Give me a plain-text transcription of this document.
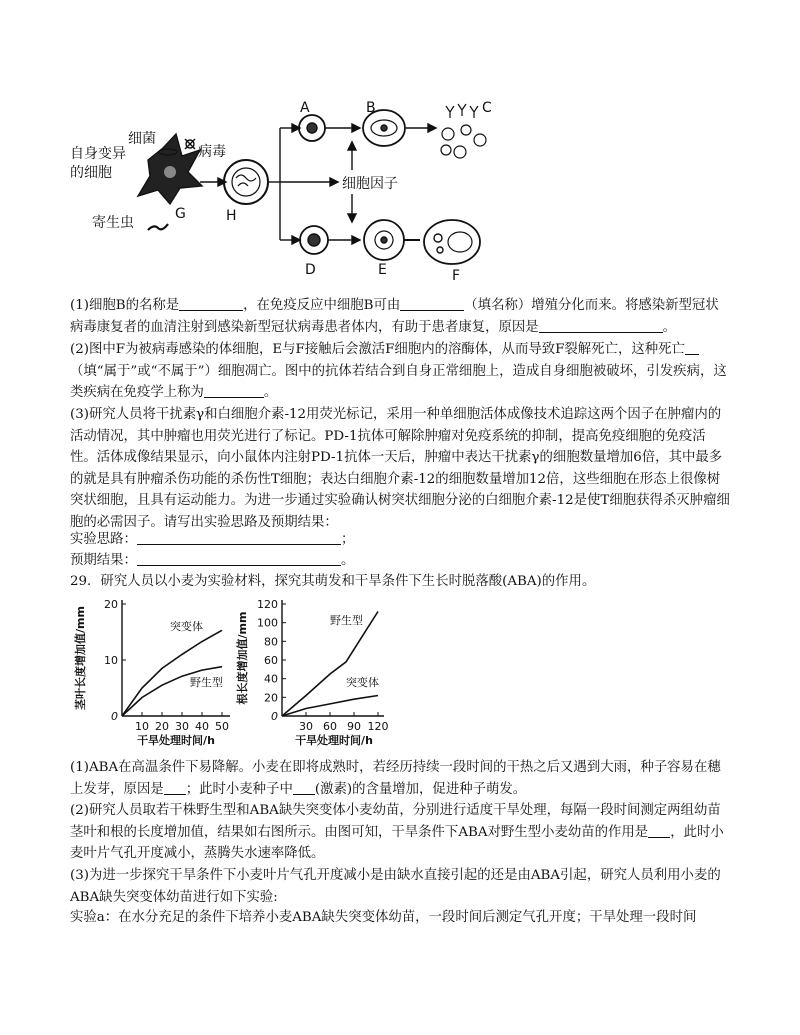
细菌
病毒
自身变异
的细胞
寄生虫
G	H
A	B	C
细胞因子
D	E	F

(1)细胞B的名称是	，在免疫反应中细胞B可由	（填名称）增殖分化而来。将感染新型冠状病毒康复者的血清注射到感染新型冠状病毒患者体内，有助于患者康复，原因是	。

(2)图中F为被病毒感染的体细胞，E与F接触后会激活F细胞内的溶酶体，从而导致F裂解死亡，这种死亡（填“属于”或“不属于”）细胞凋亡。图中的抗体若结合到自身正常细胞上，造成自身细胞被破坏，引发疾病，这类疾病在免疫学上称为	。

(3)研究人员将干扰素γ和白细胞介素-12用荧光标记，采用一种单细胞活体成像技术追踪这两个因子在肿瘤内的活动情况，其中肿瘤也用荧光进行了标记。PD-1抗体可解除肿瘤对免疫系统的抑制，提高免疫细胞的免疫活性。活体成像结果显示，向小鼠体内注射PD-1抗体一天后，肿瘤中表达干扰素γ的细胞数量增加6倍，其中最多的就是具有肿瘤杀伤功能的杀伤性T细胞；表达白细胞介素-12的细胞数量增加12倍，这些细胞在形态上很像树突状细胞，且具有运动能力。为进一步通过实验确认树突状细胞分泌的白细胞介素-12是使T细胞获得杀灭肿瘤细胞的必需因子。请写出实验思路及预期结果：

实验思路：	；
预期结果：	。
29．研究人员以小麦为实验材料，探究其萌发和干旱条件下生长时脱落酸(ABA)的作用。
茎叶长度增加值/mm
干旱处理时间/h
突变体
野生型
0
10
20
10 20 30 40 50
根长度增加值/mm
干旱处理时间/h
野生型
突变体
0
20
40
60
80
100
120
30 60 90 120

(1)ABA在高温条件下易降解。小麦在即将成熟时，若经历持续一段时间的干热之后又遇到大雨，种子容易在穗上发芽，原因是 ；此时小麦种子中 (激素)的含量增加，促进种子萌发。

(2)研究人员取若干株野生型和ABA缺失突变体小麦幼苗，分别进行适度干旱处理，每隔一段时间测定两组幼苗茎叶和根的长度增加值，结果如右图所示。由图可知，干旱条件下ABA对野生型小麦幼苗的作用是 ，此时小麦叶片气孔开度减小，蒸腾失水速率降低。

(3)为进一步探究干旱条件下小麦叶片气孔开度减小是由缺水直接引起的还是由ABA引起，研究人员利用小麦的ABA缺失突变体幼苗进行如下实验:

实验a：在水分充足的条件下培养小麦ABA缺失突变体幼苗，一段时间后测定气孔开度；干旱处理一段时间
